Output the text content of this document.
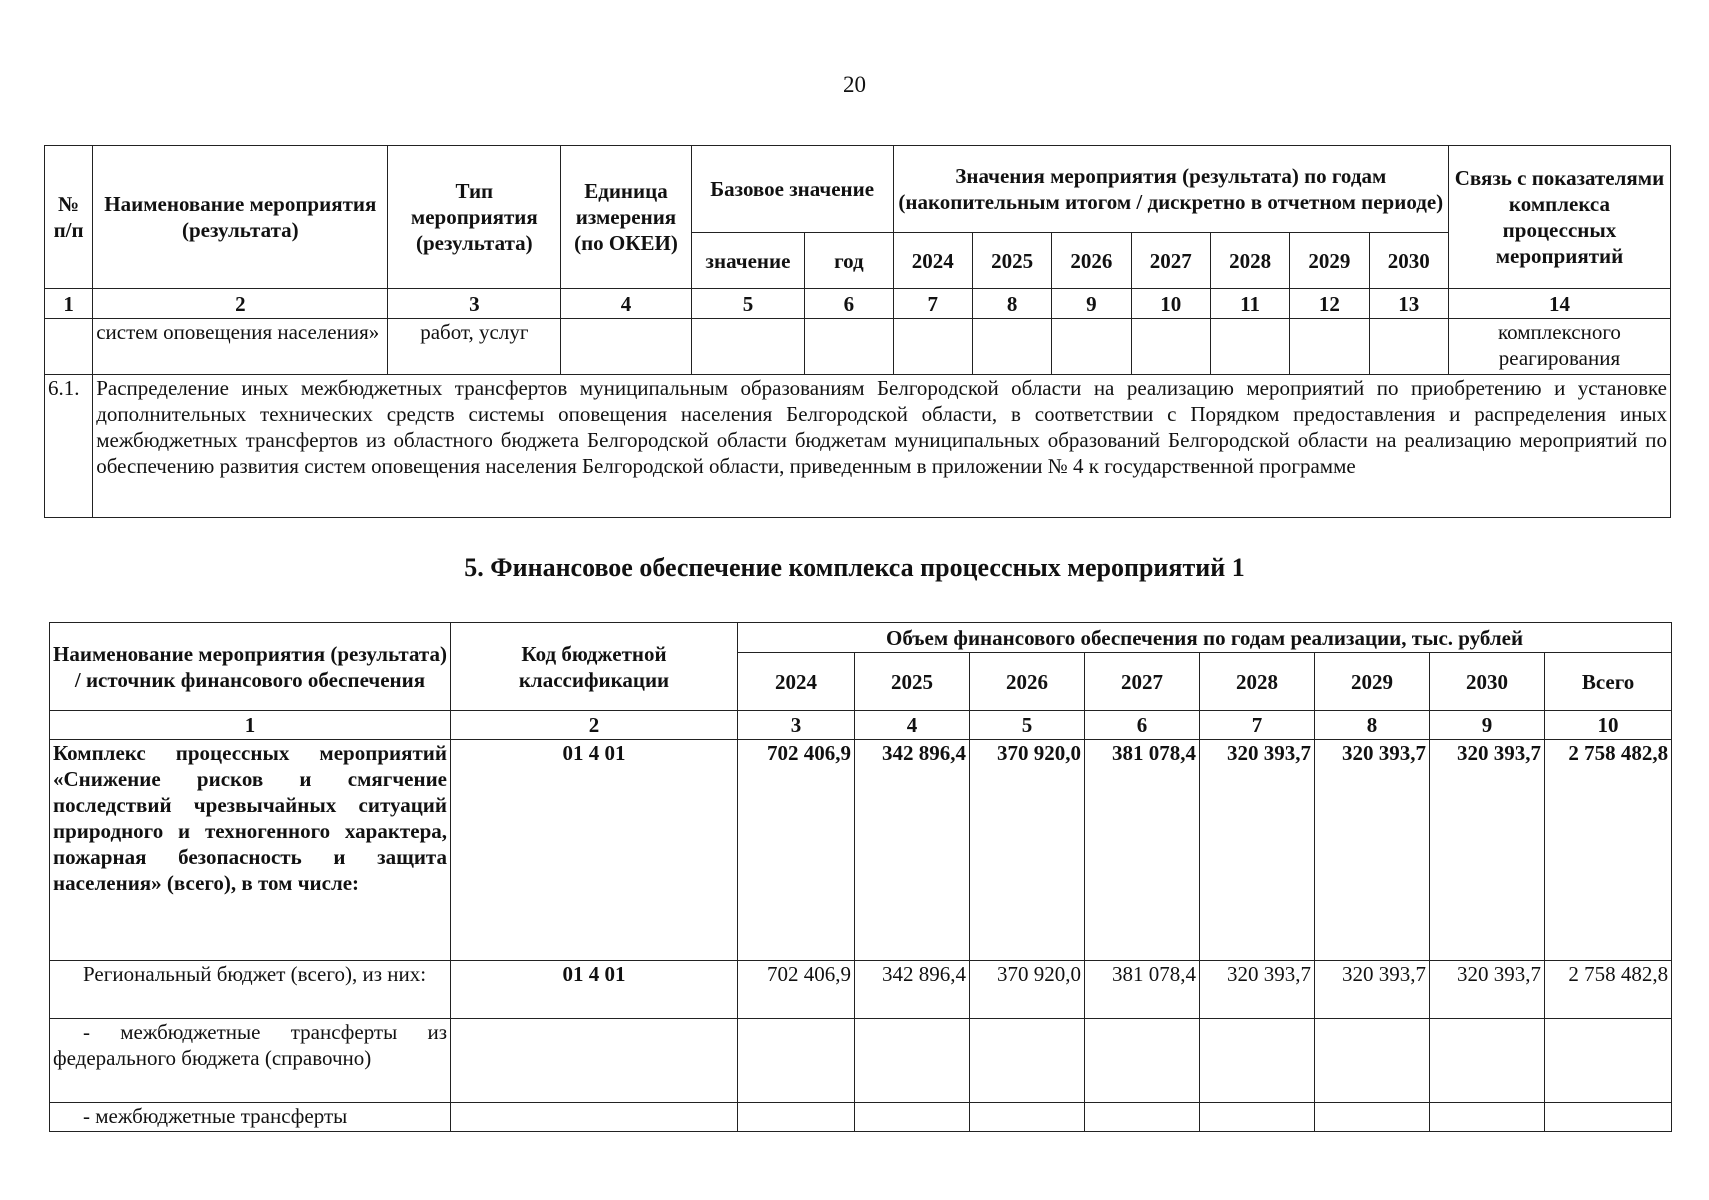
20
№ п/п	Наименование мероприятия (результата)	Тип мероприятия (результата)	Единица измерения (по ОКЕИ)	Базовое значение		Значения мероприятия (результата) по годам (накопительным итогом / дискретно в отчетном периоде)							Связь с показателями комплекса процессных мероприятий
				значение	год	2024	2025	2026	2027	2028	2029	2030	
1	2	3	4	5	6	7	8	9	10	11	12	13	14
	систем оповещения населения»	работ, услуг											комплексного реагирования
6.1.	Распределение иных межбюджетных трансфертов муниципальным образованиям Белгородской области на реализацию мероприятий по приобретению и установке дополнительных технических средств системы оповещения населения Белгородской области, в соответствии с Порядком предоставления и распределения иных межбюджетных трансфертов из областного бюджета Белгородской области бюджетам муниципальных образований Белгородской области на реализацию мероприятий по обеспечению развития систем оповещения населения Белгородской области, приведенным в приложении № 4 к государственной программе												
5. Финансовое обеспечение комплекса процессных мероприятий 1
Наименование мероприятия (результата) / источник финансового обеспечения	Код бюджетной классификации	Объем финансового обеспечения по годам реализации, тыс. рублей							
		2024	2025	2026	2027	2028	2029	2030	Всего
1	2	3	4	5	6	7	8	9	10
Комплекс процессных мероприятий «Снижение рисков и смягчение последствий чрезвычайных ситуаций природного и техногенного характера, пожарная безопасность и защита населения» (всего), в том числе:	01 4 01	702 406,9	342 896,4	370 920,0	381 078,4	320 393,7	320 393,7	320 393,7	2 758 482,8
Региональный бюджет (всего), из них:	01 4 01	702 406,9	342 896,4	370 920,0	381 078,4	320 393,7	320 393,7	320 393,7	2 758 482,8
- межбюджетные трансферты из федерального бюджета (справочно)									
- межбюджетные трансферты									
